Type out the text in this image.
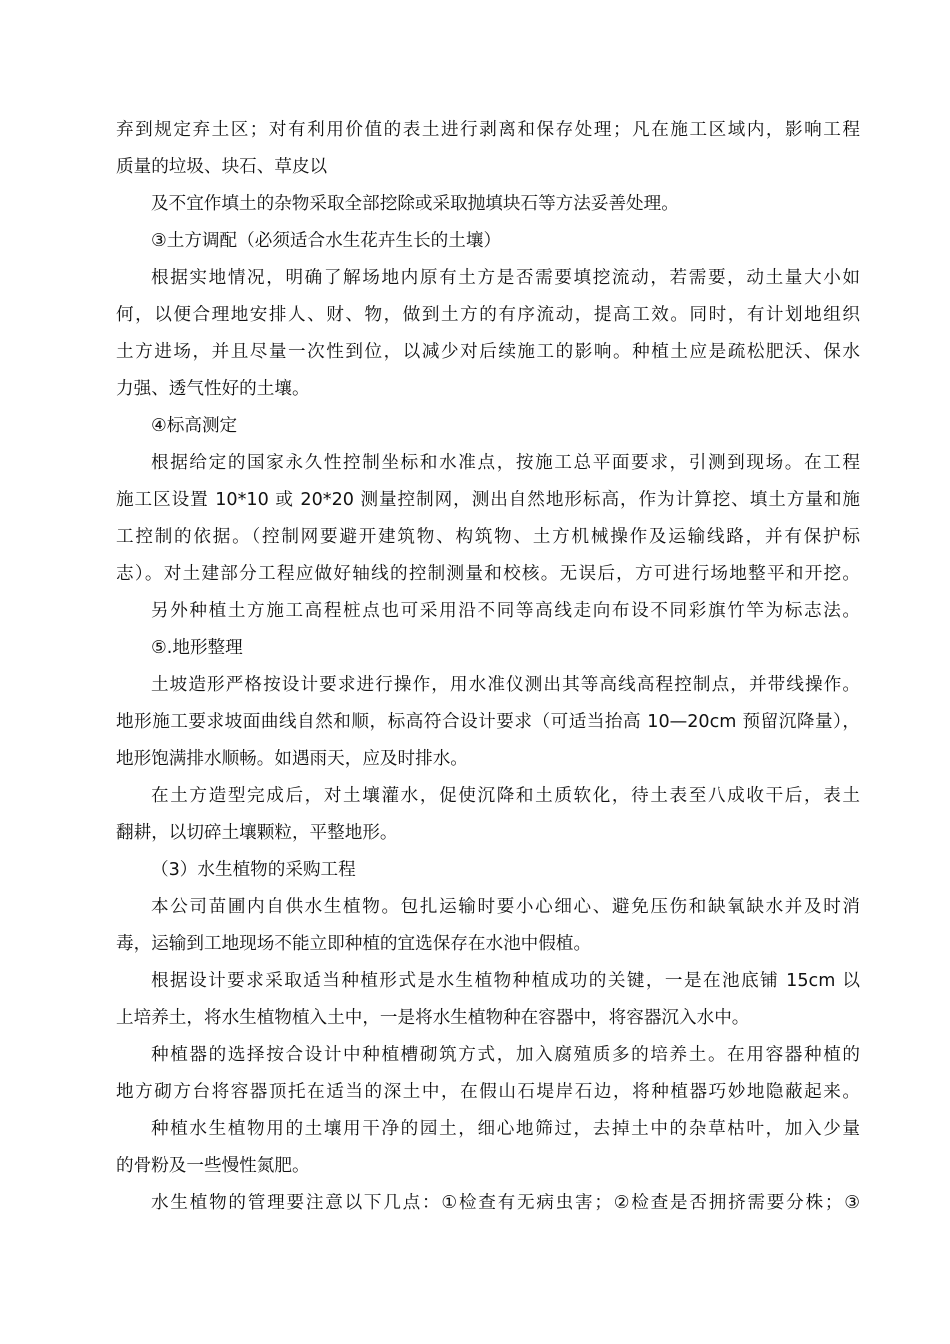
弃到规定弃土区；对有利用价值的表土进行剥离和保存处理；凡在施工区域内，影响工程
质量的垃圾、块石、草皮以
及不宜作填土的杂物采取全部挖除或采取抛填块石等方法妥善处理。
③土方调配（必须适合水生花卉生长的土壤）
根据实地情况，明确了解场地内原有土方是否需要填挖流动，若需要，动土量大小如
何，以便合理地安排人、财、物，做到土方的有序流动，提高工效。同时，有计划地组织
土方进场，并且尽量一次性到位，以减少对后续施工的影响。种植土应是疏松肥沃、保水
力强、透气性好的土壤。
④标高测定
根据给定的国家永久性控制坐标和水准点，按施工总平面要求，引测到现场。在工程
施工区设置 10*10 或 20*20 测量控制网，测出自然地形标高，作为计算挖、填土方量和施
工控制的依据。（控制网要避开建筑物、构筑物、土方机械操作及运输线路，并有保护标
志）。对土建部分工程应做好轴线的控制测量和校核。无误后，方可进行场地整平和开挖。
另外种植土方施工高程桩点也可采用沿不同等高线走向布设不同彩旗竹竿为标志法。
⑤.地形整理
土坡造形严格按设计要求进行操作，用水准仪测出其等高线高程控制点，并带线操作。
地形施工要求坡面曲线自然和顺，标高符合设计要求（可适当抬高 10—20cm 预留沉降量），
地形饱满排水顺畅。如遇雨天，应及时排水。
在土方造型完成后，对土壤灌水，促使沉降和土质软化，待土表至八成收干后，表土
翻耕，以切碎土壤颗粒，平整地形。
（3）水生植物的采购工程
本公司苗圃内自供水生植物。包扎运输时要小心细心、避免压伤和缺氧缺水并及时消
毒，运输到工地现场不能立即种植的宜选保存在水池中假植。
根据设计要求采取适当种植形式是水生植物种植成功的关键，一是在池底铺 15cm 以
上培养土，将水生植物植入土中，一是将水生植物种在容器中，将容器沉入水中。
种植器的选择按合设计中种植槽砌筑方式，加入腐殖质多的培养土。在用容器种植的
地方砌方台将容器顶托在适当的深土中，在假山石堤岸石边，将种植器巧妙地隐蔽起来。
种植水生植物用的土壤用干净的园土，细心地筛过，去掉土中的杂草枯叶，加入少量
的骨粉及一些慢性氮肥。
水生植物的管理要注意以下几点：①检查有无病虫害；②检查是否拥挤需要分株；③
